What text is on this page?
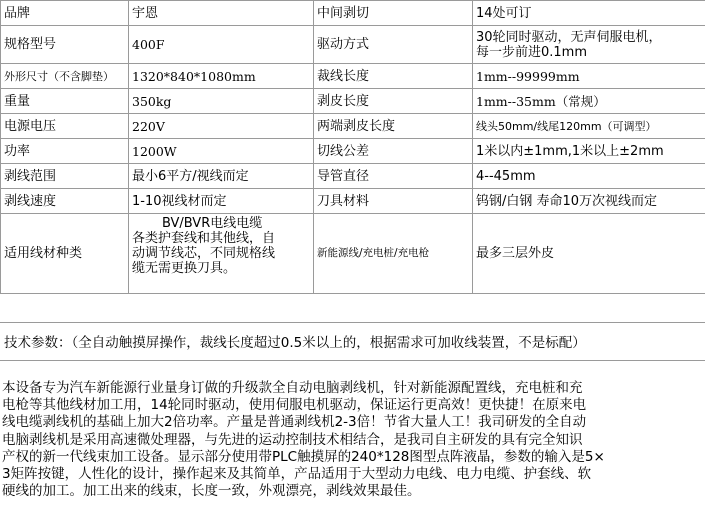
品牌	宇恩	中间剥切	14处可订
规格型号	400F	驱动方式	30轮同时驱动，无声伺服电机，
每一步前进0.1mm

外形尺寸（不含脚垫）	1320*840*1080mm	裁线长度	1mm--99999mm
重量	350kg	剥皮长度	1mm--35mm（常规）
电源电压	220V	两端剥皮长度	线头50mm/线尾120mm（可调型）
功率	1200W	切线公差	1米以内±1mm,1米以上±2mm
剥线范围	最小6平方/视线而定	导管直径	4--45mm
剥线速度	1-10视线材而定	刀具材料	钨钢/白钢 寿命10万次视线而定
适用线材种类	BV/BVR电线电缆
各类护套线和其他线，自
动调节线芯，不同规格线
缆无需更换刀具。	新能源线/充电桩/充电枪	最多三层外皮
技术参数：（全自动触摸屏操作，裁线长度超过0.5米以上的，根据需求可加收线装置，不是标配）
本设备专为汽车新能源行业量身订做的升级款全自动电脑剥线机，针对新能源配置线，充电桩和充
电枪等其他线材加工用，14轮同时驱动，使用伺服电机驱动，保证运行更高效！更快捷！在原来电
线电缆剥线机的基础上加大2倍功率。产量是普通剥线机2-3倍！节省大量人工！我司研发的全自动
电脑剥线机是采用高速微处理器，与先进的运动控制技术相结合，是我司自主研发的具有完全知识
产权的新一代线束加工设备。显示部分使用带PLC触摸屏的240*128图型点阵液晶，参数的输入是5×
3矩阵按键，人性化的设计，操作起来及其简单，产品适用于大型动力电线、电力电缆、护套线、软
硬线的加工。加工出来的线束，长度一致，外观漂亮，剥线效果最佳。
